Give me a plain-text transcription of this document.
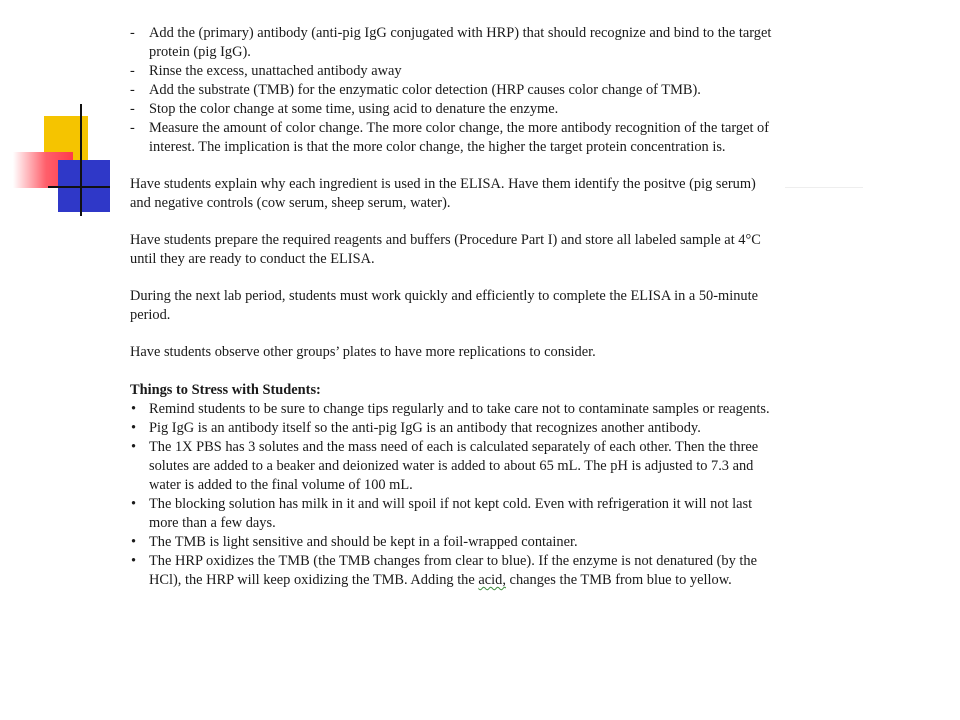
- Add the (primary) antibody (anti-pig IgG conjugated with HRP) that should recognize and bind to the target protein (pig IgG).
- Rinse the excess, unattached antibody away
- Add the substrate (TMB) for the enzymatic color detection (HRP causes color change of TMB).
- Stop the color change at some time, using acid to denature the enzyme.
- Measure the amount of color change. The more color change, the more antibody recognition of the target of interest. The implication is that the more color change, the higher the target protein concentration is.

Have students explain why each ingredient is used in the ELISA. Have them identify the positve (pig serum) and negative controls (cow serum, sheep serum, water).

Have students prepare the required reagents and buffers (Procedure Part I) and store all labeled sample at 4°C until they are ready to conduct the ELISA.

During the next lab period, students must work quickly and efficiently to complete the ELISA in a 50-minute period.

Have students observe other groups’ plates to have more replications to consider.

Things to Stress with Students:

• Remind students to be sure to change tips regularly and to take care not to contaminate samples or reagents.
• Pig IgG is an antibody itself so the anti-pig IgG is an antibody that recognizes another antibody.
• The 1X PBS has 3 solutes and the mass need of each is calculated separately of each other. Then the three solutes are added to a beaker and deionized water is added to about 65 mL. The pH is adjusted to 7.3 and water is added to the final volume of 100 mL.
• The blocking solution has milk in it and will spoil if not kept cold. Even with refrigeration it will not last more than a few days.
• The TMB is light sensitive and should be kept in a foil-wrapped container.
• The HRP oxidizes the TMB (the TMB changes from clear to blue). If the enzyme is not denatured (by the HCl), the HRP will keep oxidizing the TMB. Adding the acid, changes the TMB from blue to yellow.
